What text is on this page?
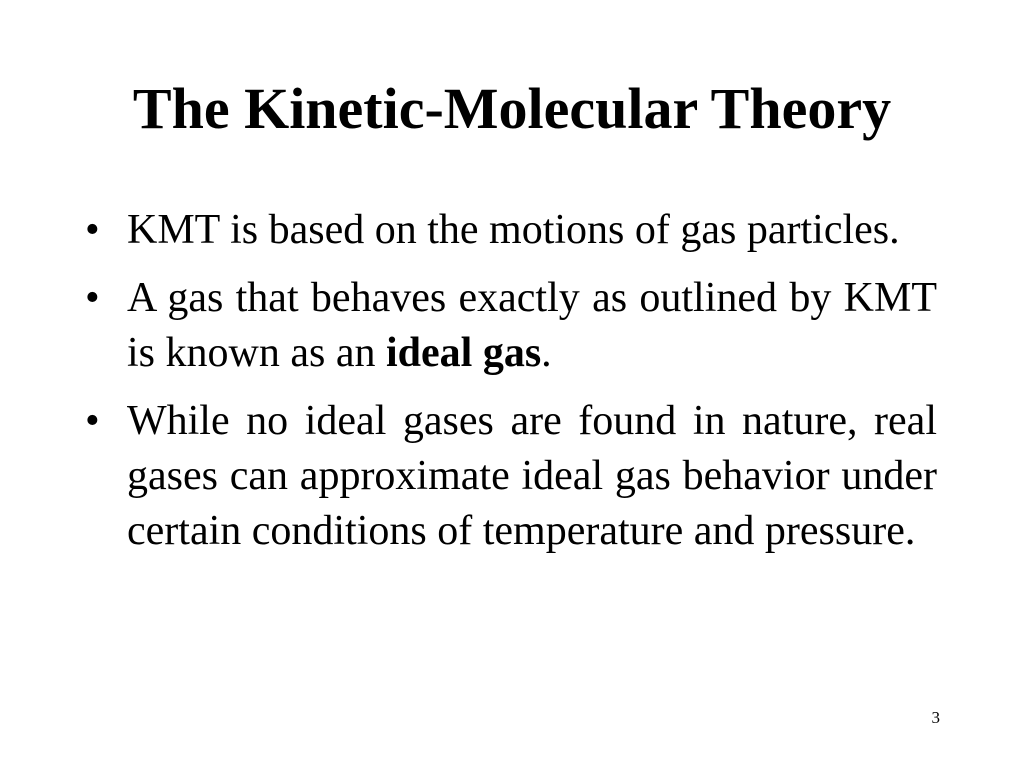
The Kinetic-Molecular Theory
• KMT is based on the motions of gas particles.
• A gas that behaves exactly as outlined by KMT is known as an ideal gas.
• While no ideal gases are found in nature, real gases can approximate ideal gas behavior under certain conditions of temperature and pressure.
3
